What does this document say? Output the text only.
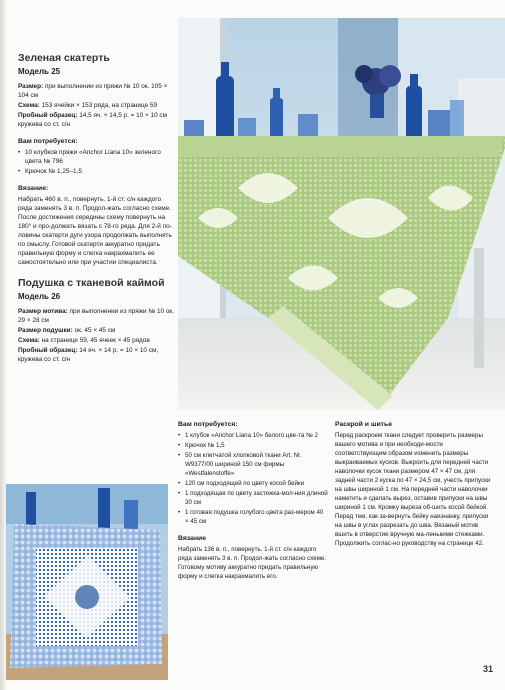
Зеленая скатерть

Модель 25

Размер: при выполнении из пряжи № 10 ок. 105 × 104 см

Схема: 153 ячейки × 153 ряда, на странице 59

Пробный образец: 14,5 яч. × 14,5 р. = 10 × 10 см кружева со ст. с/н

Вам потребуется:

• 10 клубков пряжи «Anchor Liana 10» зеленого цвета № 796
• Крючок № 1,25–1,5

Вязание:

Набрать 460 в. п., повернуть. 1-й ст. с/н каждого ряда заменять 3 в. п. Продол-жать согласно схеме. После достижения середины схему повернуть на 180° и про-должать вязать с 78-го ряда. Для 2-й по-ловины скатерти дуги узора продолжать выполнять по смыслу. Готовой скатерти аккуратно придать правильную форму и слегка накрахмалить ее самостоятельно или при участии специалиста.

Подушка с тканевой каймой

Модель 26

Размер мотива: при выполнении из пряжи № 10 ок. 29 × 28 см

Размер подушки: ок. 45 × 45 см

Схема: на странице 59, 45 ячеек × 45 рядов

Пробный образец: 14 яч. × 14 р. = 10 × 10 см, кружева со ст. с/н

Вам потребуется:

• 1 клубок «Anchor Liana 10» белого цве-та № 2
• Крючок № 1,5
• 50 см клетчатой хлопковой ткани Art. Nr. W9377/00 шириной 150 см фирмы «Westfalenstoffe»
• 120 см подходящей по цвету косой бейки
• 1 подходящая по цвету застежка-мол-ния длиной 30 см
• 1 готовая подушка голубого цвета раз-мером 40 × 45 см

Вязание

Набрать 136 в. п., повернуть. 1-й ст. с/н каждого ряда заменять 3 в. п. Продол-жать согласно схеме. Готовому мотиву аккуратно придать правильную форму и слегка накрахмалить его.

Раскрой и шитье

Перед раскроем ткани следует проверить размеры вашего мотива и при необходи-мости соответствующим образом изменить размеры выкраиваемых кусков. Выкроить для передней части наволочки кусок ткани размером 47 × 47 см, для задней части 2 куска по 47 × 24,5 см, учесть припуски на швы шириной 1 см. На передней части наволочки наметить и сделать вырез, оставив припуски на швы шириной 1 см. Кромку выреза об-шить косой бейкой. Перед тем, как за-вернуть бейку наизнанку, припуски на швы в углах разрезать до шва. Вязаный мотив вшить в отверстие вручную ма-ленькими стежками. Продолжить соглас-но руководству на странице 42.

31
